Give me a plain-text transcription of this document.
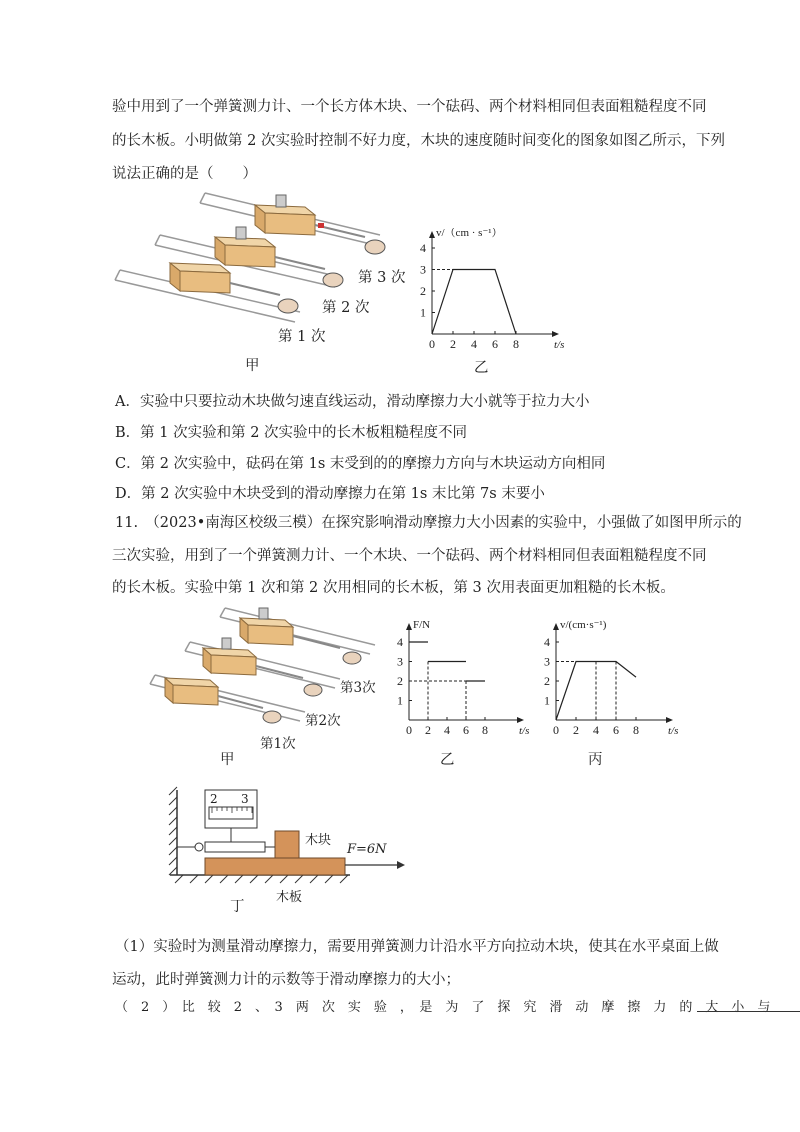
验中用到了一个弹簧测力计、一个长方体木块、一个砝码、两个材料相同但表面粗糙程度不同
的长木板。小明做第 2 次实验时控制不好力度，木块的速度随时间变化的图象如图乙所示，下列
说法正确的是（　　）
第 3 次
第 2 次
第 1 次
甲
0 2 4 6 8
1
2
3
4
v/（cm · s⁻¹）
t/s
乙
A．实验中只要拉动木块做匀速直线运动，滑动摩擦力大小就等于拉力大小
B．第 1 次实验和第 2 次实验中的长木板粗糙程度不同
C．第 2 次实验中，砝码在第 1s 末受到的的摩擦力方向与木块运动方向相同
D．第 2 次实验中木块受到的滑动摩擦力在第 1s 末比第 7s 末要小
11.　（2023•南海区校级三模）在探究影响滑动摩擦力大小因素的实验中，小强做了如图甲所示的
三次实验，用到了一个弹簧测力计、一个木块、一个砝码、两个材料相同但表面粗糙程度不同
的长木板。实验中第 1 次和第 2 次用相同的长木板，第 3 次用表面更加粗糙的长木板。
第3次
第2次
第1次
甲
0 2 4 6 8
1
2
3
4
F/N
t/s
乙
0 2 4 6 8
1
2
3
4
v/(cm·s⁻¹)
t/s
丙
2 3
木块
F=6N
木板
丁
（1）实验时为测量滑动摩擦力，需要用弹簧测力计沿水平方向拉动木块，使其在水平桌面上做
运动，此时弹簧测力计的示数等于滑动摩擦力的大小；
（　2　）　比　较　2　、　3　两　次　实　验　，　是　为　了　探　究　滑　动　摩　擦　力　的　大　小　与
